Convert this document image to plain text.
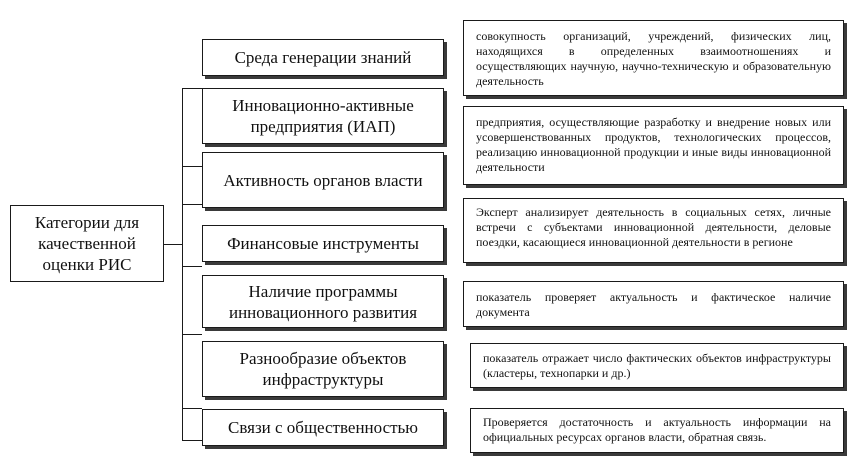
Категории для качественной оценки РИС
Среда генерации знаний
Инновационно-активные предприятия (ИАП)
Активность органов власти
Финансовые инструменты
Наличие программы инновационного развития
Разнообразие объектов инфраструктуры
Связи с общественностью
совокупность организаций, учреждений, физических лиц, находящихся в определенных взаимоотношениях и осуществляющих научную, научно-техническую и образовательную деятельность
предприятия, осуществляющие разработку и внедрение новых или усовершенствованных продуктов, технологических процессов, реализацию инновационной продукции и иные виды инновационной деятельности
Эксперт анализирует деятельность в социальных сетях, личные встречи с субъектами инновационной деятельности, деловые поездки, касающиеся инновационной деятельности в регионе
показатель проверяет актуальность и фактическое наличие документа
показатель отражает число фактических объектов инфраструктуры (кластеры, технопарки и др.)
Проверяется достаточность и актуальность информации на официальных ресурсах органов власти, обратная связь.
